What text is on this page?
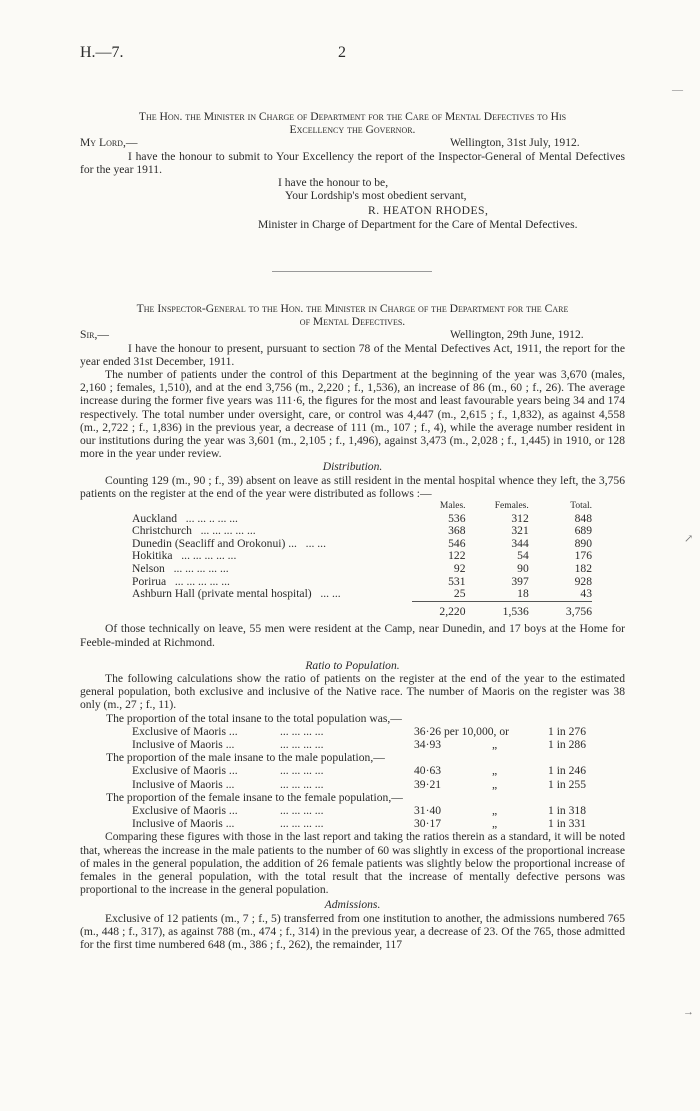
H.—7.	2
The Hon. the Minister in Charge of Department for the Care of Mental Defectives to His
Excellency the Governor.
My Lord,—	Wellington, 31st July, 1912.

I have the honour to submit to Your Excellency the report of the Inspector-General of Mental Defectives for the year 1911.

I have the honour to be,
Your Lordship's most obedient servant,
R. HEATON RHODES,
Minister in Charge of Department for the Care of Mental Defectives.
The Inspector-General to the Hon. the Minister in Charge of the Department for the Care
of Mental Defectives.
Sir,—	Wellington, 29th June, 1912.

I have the honour to present, pursuant to section 78 of the Mental Defectives Act, 1911, the report for the year ended 31st December, 1911.

The number of patients under the control of this Department at the beginning of the year was 3,670 (males, 2,160 ; females, 1,510), and at the end 3,756 (m., 2,220 ; f., 1,536), an increase of 86 (m., 60 ; f., 26). The average increase during the former five years was 111·6, the figures for the most and least favourable years being 34 and 174 respectively. The total number under oversight, care, or control was 4,447 (m., 2,615 ; f., 1,832), as against 4,558 (m., 2,722 ; f., 1,836) in the previous year, a decrease of 111 (m., 107 ; f., 4), while the average number resident in our institutions during the year was 3,601 (m., 2,105 ; f., 1,496), against 3,473 (m., 2,028 ; f., 1,445) in 1910, or 128 more in the year under review.

Distribution.

Counting 129 (m., 90 ; f., 39) absent on leave as still resident in the mental hospital whence they left, the 3,756 patients on the register at the end of the year were distributed as follows :—

	Males.	Females.	Total.
Auckland ... ... .. ... ...	536	312	848
Christchurch ... ... ... ... ...	368	321	689
Dunedin (Seacliff and Orokonui) ... ... ...	546	344	890
Hokitika ... ... ... ... ...	122	54	176
Nelson ... ... ... ... ...	92	90	182
Porirua ... ... ... ... ...	531	397	928
Ashburn Hall (private mental hospital) ... ...	25	18	43
	2,220	1,536	3,756

Of those technically on leave, 55 men were resident at the Camp, near Dunedin, and 17 boys at the Home for Feeble-minded at Richmond.

Ratio to Population.

The following calculations show the ratio of patients on the register at the end of the year to the estimated general population, both exclusive and inclusive of the Native race. The number of Maoris on the register was 38 only (m., 27 ; f., 11).

The proportion of the total insane to the total population was,—
Exclusive of Maoris ...	... ... ... ...	36·26 per 10,000, or	1 in 276
Inclusive of Maoris ...	... ... ... ...	34·93	„	1 in 286
The proportion of the male insane to the male population,—
Exclusive of Maoris ...	... ... ... ...	40·63	„	1 in 246
Inclusive of Maoris ...	... ... ... ...	39·21	„	1 in 255
The proportion of the female insane to the female population,—
Exclusive of Maoris ...	... ... ... ...	31·40	„	1 in 318
Inclusive of Maoris ...	... ... ... ...	30·17	„	1 in 331

Comparing these figures with those in the last report and taking the ratios therein as a standard, it will be noted that, whereas the increase in the male patients to the number of 60 was slightly in excess of the proportional increase of males in the general population, the addition of 26 female patients was slightly below the proportional increase of females in the general population, with the total result that the increase of mentally defective persons was proportional to the increase in the general population.

Admissions.

Exclusive of 12 patients (m., 7 ; f., 5) transferred from one institution to another, the admissions numbered 765 (m., 448 ; f., 317), as against 788 (m., 474 ; f., 314) in the previous year, a decrease of 23. Of the 765, those admitted for the first time numbered 648 (m., 386 ; f., 262), the remainder, 117

—
↗
→
